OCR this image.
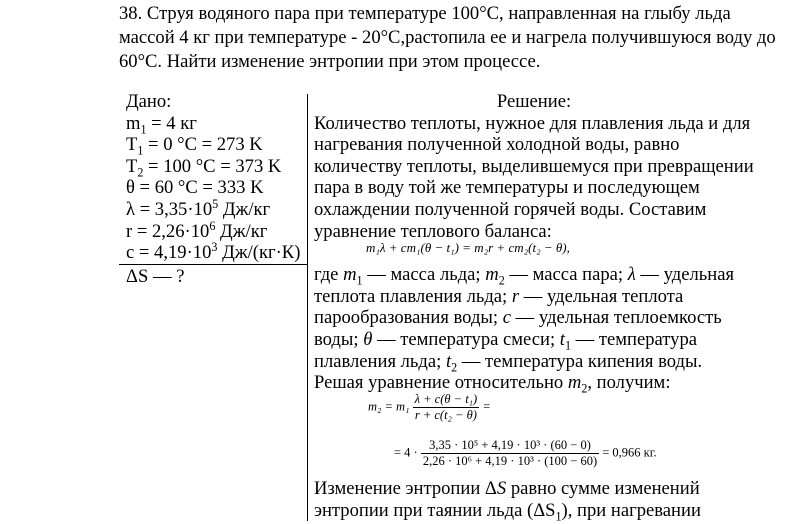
38. Струя водяного пара при температуре 100°С, направленная на глыбу льда массой 4 кг при температуре - 20°С,растопила ее и нагрела получившуюся воду до 60°С. Найти изменение энтропии при этом процессе.

Дано:
$m_1 = 4$ кг
$T_1 = 0$ °C = 273 K
$T_2 = 100$ °C = 373 K
θ = 60 °C = 333 K
$\lambda = 3,35\cdot 10^5$ Дж/кг
$r = 2,26\cdot 10^6$ Дж/кг
$c = 4,19\cdot 10^3$ Дж/(кг·К)
ΔS — ?

Решение:

Количество теплоты, нужное для плавления льда и для нагревания полученной холодной воды, равно количеству теплоты, выделившемуся при превращении пара в воду той же температуры и последующем охлаждении полученной горячей воды. Составим уравнение теплового баланса:

где $m_1$ — масса льда; $m_2$ — масса пара; λ — удельная теплота плавления льда; r — удельная теплота парообразования воды; c — удельная теплоемкость воды; θ — температура смеси; $t_1$ — температура плавления льда; $t_2$ — температура кипения воды.

Решая уравнение относительно $m_2$, получим:

m₁λ + cm₁(θ − t₁) = m₂r + cm₂(t₂ − θ),
$m_2 = m_1 \frac{\text{λ + c(θ − t₁)}}{\text{r + c(t₂ − θ)}}$ =
= $4 \cdot \frac{\text{3,35 · 10⁵ + 4,19 · 10³ · (60 − 0)}}{\text{2,26 · 10⁶ + 4,19 · 10³ · (100 − 60)}} = 0,966$ кг.

Изменение энтропии ΔS равно сумме изменений энтропии при таянии льда $(\Delta S_1)$, при нагревании
